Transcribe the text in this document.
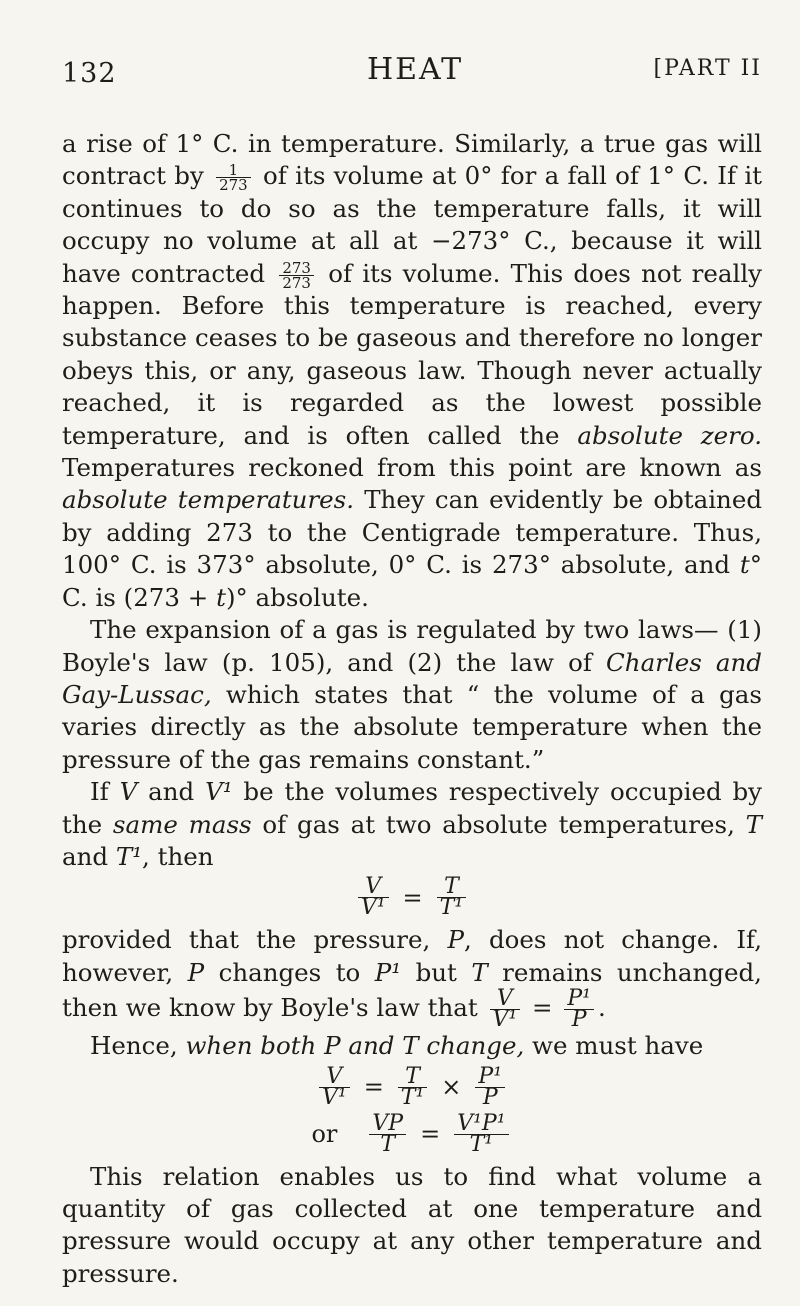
132	HEAT	[PART II

a rise of 1° C. in temperature. Similarly, a true gas will contract by $\frac{1}{273}$ of its volume at 0° for a fall of 1° C. If it continues to do so as the temperature falls, it will occupy no volume at all at −273° C., because it will have contracted $\frac{273}{273}$ of its volume. This does not really happen. Before this temperature is reached, every substance ceases to be gaseous and therefore no longer obeys this, or any, gaseous law. Though never actually reached, it is regarded as the lowest possible temperature, and is often called the absolute zero. Temperatures reckoned from this point are known as absolute temperatures. They can evidently be obtained by adding 273 to the Centigrade temperature. Thus, 100° C. is 373° absolute, 0° C. is 273° absolute, and t° C. is (273 + t)° absolute.

The expansion of a gas is regulated by two laws— (1) Boyle's law (p. 105), and (2) the law of Charles and Gay-Lussac, which states that “ the volume of a gas varies directly as the absolute temperature when the pressure of the gas remains constant.”

If V and V¹ be the volumes respectively occupied by the same mass of gas at two absolute temperatures, T and T¹, then

$\frac{V}{\text{V¹}} = \frac{T}{\text{T¹}}$

provided that the pressure, P, does not change. If, however, P changes to P¹ but T remains unchanged, then we know by Boyle's law that $\frac{V}{\text{V¹}} = \frac{\text{P¹}}{P}$ .

Hence, when both P and T change, we must have

$\frac{V}{\text{V¹}} = \frac{T}{\text{T¹}} \times \frac{\text{P¹}}{P}$
or $\frac{VP}{T} = \frac{\text{V¹P¹}}{\text{T¹}}$

This relation enables us to find what volume a quantity of gas collected at one temperature and pressure would occupy at any other temperature and pressure.
